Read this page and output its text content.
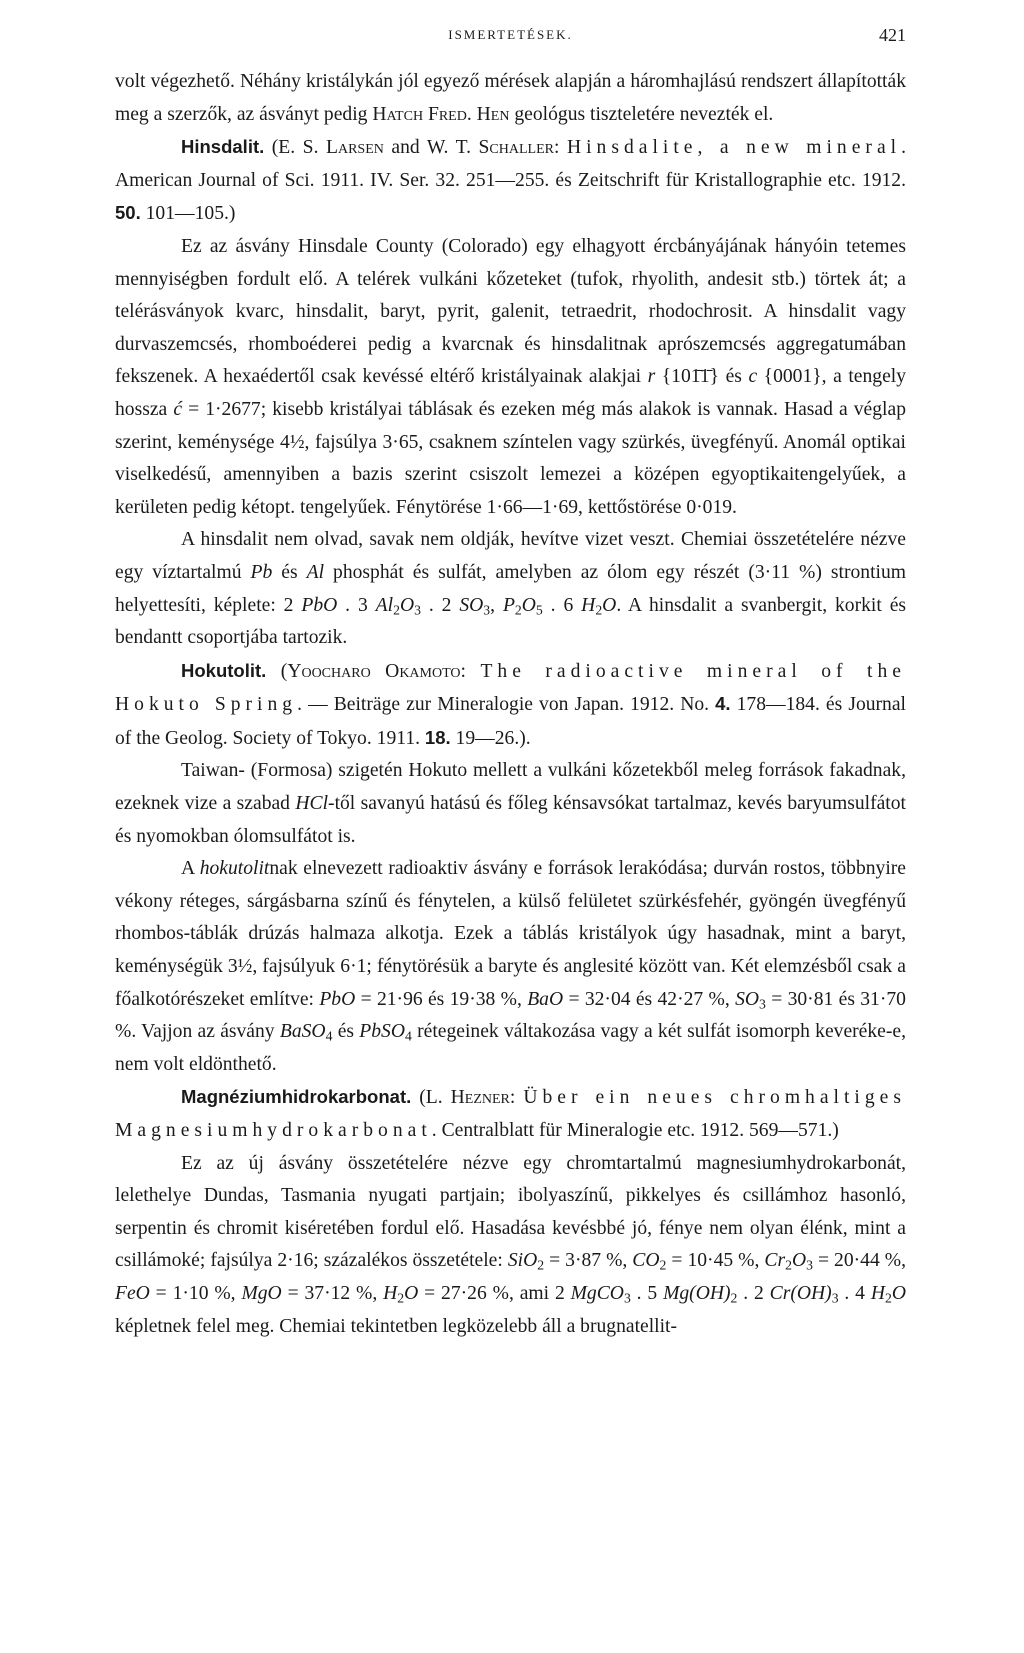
ISMERTETÉSEK.	421

volt végezhető. Néhány kristálykán jól egyező mérések alapján a háromhajlású rendszert állapították meg a szerzők, az ásványt pedig Hatch Fred. Hen geológus tiszteletére nevezték el.

Hinsdalit. (E. S. Larsen and W. T. Schaller: Hinsdalite, a new mineral. American Journal of Sci. 1911. IV. Ser. 32. 251—255. és Zeitschrift für Kristallographie etc. 1912. 50. 101—105.)

Ez az ásvány Hinsdale County (Colorado) egy elhagyott ércbányájának hányóin tetemes mennyiségben fordult elő. A telérek vulkáni kőzeteket (tufok, rhyolith, andesit stb.) törtek át; a telérásványok kvarc, hinsdalit, baryt, pyrit, galenit, tetraedrit, rhodochrosit. A hinsdalit vagy durvaszemcsés, rhomboéderei pedig a kvarcnak és hinsdalitnak aprószemcsés aggregatumában fekszenek. A hexaédertől csak kevéssé eltérő kristályainak alakjai r {101̄1̄} és c {0001}, a tengely hossza ć = 1·2677; kisebb kristályai táblásak és ezeken még más alakok is vannak. Hasad a véglap szerint, keménysége 4½, fajsúlya 3·65, csaknem színtelen vagy szürkés, üvegfényű. Anomál optikai viselkedésű, amennyiben a bazis szerint csiszolt lemezei a középen egyoptikaitengelyűek, a kerületen pedig kétopt. tengelyűek. Fénytörése 1·66—1·69, kettőstörése 0·019.

A hinsdalit nem olvad, savak nem oldják, hevítve vizet veszt. Chemiai összetételére nézve egy víztartalmú Pb és Al phosphát és sulfát, amelyben az ólom egy részét (3·11 %) strontium helyettesíti, képlete: 2 PbO . 3 $Al_2O_3$ . 2 $SO_3$, $P_2O_5$ . 6 $H_2O$. A hinsdalit a svanbergit, korkit és bendantt csoportjába tartozik.

Hokutolit. (Yoocharo Okamoto: The radioactive mineral of the Hokuto Spring. — Beiträge zur Mineralogie von Japan. 1912. No. 4. 178—184. és Journal of the Geolog. Society of Tokyo. 1911. 18. 19—26.).

Taiwan- (Formosa) szigetén Hokuto mellett a vulkáni kőzetekből meleg források fakadnak, ezeknek vize a szabad HCl-től savanyú hatású és főleg kénsavsókat tartalmaz, kevés baryumsulfátot és nyomokban ólomsulfátot is.

A hokutolitnak elnevezett radioaktiv ásvány e források lerakódása; durván rostos, többnyire vékony réteges, sárgásbarna színű és fénytelen, a külső felületet szürkésfehér, gyöngén üvegfényű rhombos-táblák drúzás halmaza alkotja. Ezek a táblás kristályok úgy hasadnak, mint a baryt, keménységük 3½, fajsúlyuk 6·1; fénytörésük a barytе és anglesité között van. Két elemzésből csak a főalkotórészeket említve: PbO = 21·96 és 19·38 %, BaO = 32·04 és 42·27 %, $SO_3 = 30\cdot 81$ és 31·70 %. Vajjon az ásvány BaSO$_4$ és PbSO$_4$ rétegeinek váltakozása vagy a két sulfát isomorph keveréke-e, nem volt eldönthető.

Magnéziumhidrokarbonat. (L. Hezner: Über ein neues chromhaltiges Magnesiumhydrokarbonat. Centralblatt für Mineralogie etc. 1912. 569—571.)

Ez az új ásvány összetételére nézve egy chromtartalmú magnesiumhydrokarbonát, lelethelye Dundas, Tasmania nyugati partjain; ibolyaszínű, pikkelyes és csillámhoz hasonló, serpentin és chromit kiséretében fordul elő. Hasadása kevésbbé jó, fénye nem olyan élénk, mint a csillámoké; fajsúlya 2·16; százalékos összetétele: SiO$_2$ = 3·87 %, $CO_2 = 10\cdot 45$ %, $Cr_2O_3 = 20\cdot 44$ %, FeO = 1·10 %, MgO = 37·12 %, $H_2O = 27\cdot 26$ %, ami 2 MgCO$_3$ . 5 $Mg(OH)_2$ . 2 $Cr(OH)_3$ . 4 $H_2O$ képletnek felel meg. Chemiai tekintetben legközelebb áll a brugnatellit-
